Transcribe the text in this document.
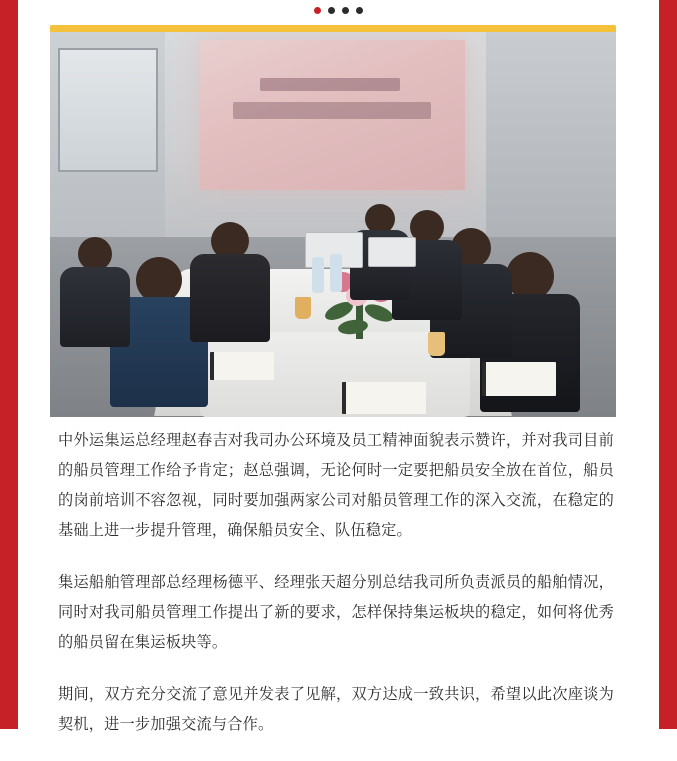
中外运集运总经理赵春吉对我司办公环境及员工精神面貌表示赞许，并对我司目前的船员管理工作给予肯定；赵总强调，无论何时一定要把船员安全放在首位，船员的岗前培训不容忽视，同时要加强两家公司对船员管理工作的深入交流，在稳定的基础上进一步提升管理，确保船员安全、队伍稳定。

集运船舶管理部总经理杨德平、经理张天超分别总结我司所负责派员的船舶情况，同时对我司船员管理工作提出了新的要求，怎样保持集运板块的稳定，如何将优秀的船员留在集运板块等。

期间，双方充分交流了意见并发表了见解，双方达成一致共识，希望以此次座谈为契机，进一步加强交流与合作。
